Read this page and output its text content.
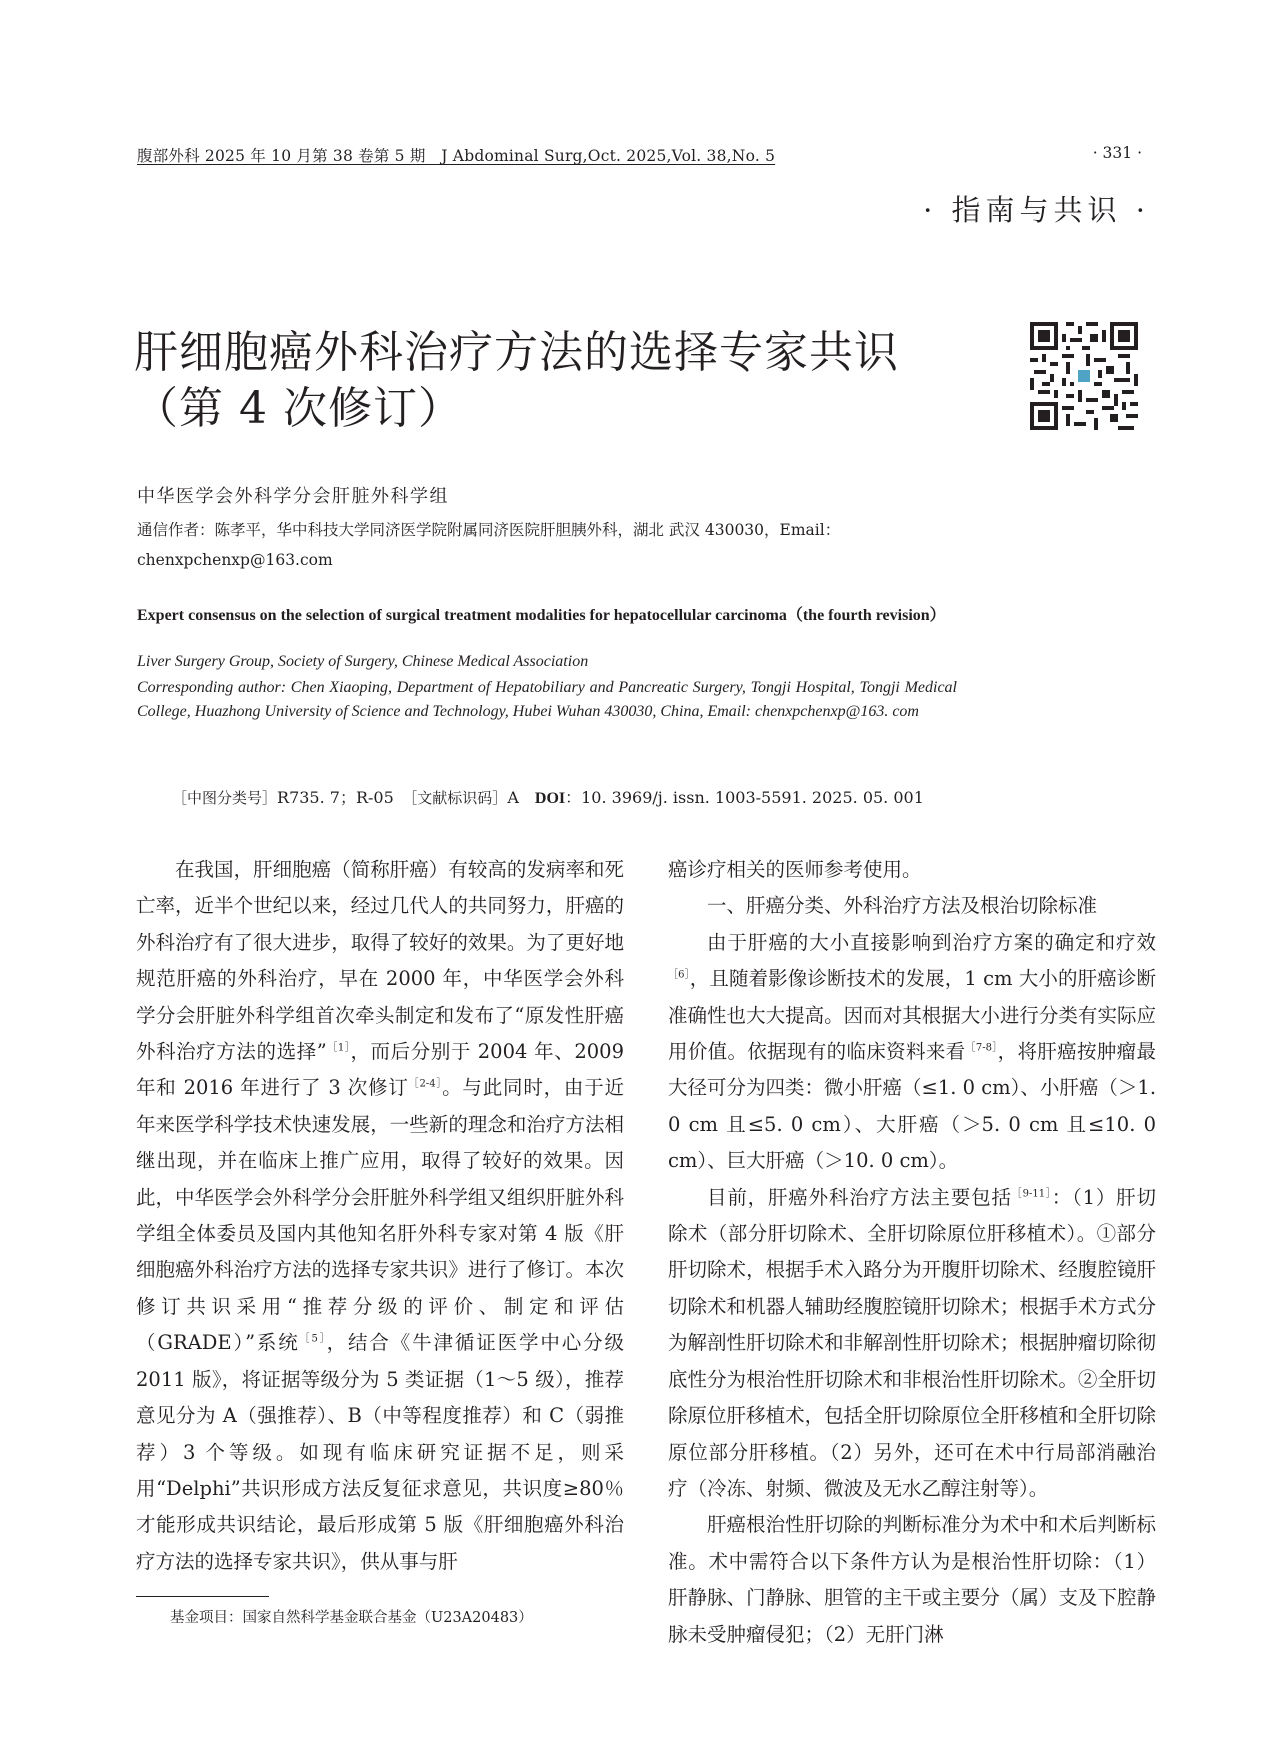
腹部外科 2025 年 10 月第 38 卷第 5 期　J Abdominal Surg,Oct. 2025,Vol. 38,No. 5	· 331 ·
· 指南与共识 ·
肝细胞癌外科治疗方法的选择专家共识
（第 4 次修订）
中华医学会外科学分会肝脏外科学组
通信作者：陈孝平，华中科技大学同济医学院附属同济医院肝胆胰外科，湖北 武汉 430030，Email：chenxpchenxp@163.com
Expert consensus on the selection of surgical treatment modalities for hepatocellular carcinoma（the fourth revision）
Liver Surgery Group, Society of Surgery, Chinese Medical Association
Corresponding author: Chen Xiaoping, Department of Hepatobiliary and Pancreatic Surgery, Tongji Hospital, Tongji Medical College, Huazhong University of Science and Technology, Hubei Wuhan 430030, China, Email: chenxpchenxp@163. com
［中图分类号］R735. 7；R-05　 ［文献标识码］A　 DOI：10. 3969/j. issn. 1003-5591. 2025. 05. 001

在我国，肝细胞癌（简称肝癌）有较高的发病率和死亡率，近半个世纪以来，经过几代人的共同努力，肝癌的外科治疗有了很大进步，取得了较好的效果。为了更好地规范肝癌的外科治疗，早在 2000 年，中华医学会外科学分会肝脏外科学组首次牵头制定和发布了“原发性肝癌外科治疗方法的选择”$^{[1]}$，而后分别于 2004 年、2009 年和 2016 年进行了 3 次修订$^{[2-4]}$。与此同时，由于近年来医学科学技术快速发展，一些新的理念和治疗方法相继出现，并在临床上推广应用，取得了较好的效果。因此，中华医学会外科学分会肝脏外科学组又组织肝脏外科学组全体委员及国内其他知名肝外科专家对第 4 版《肝细胞癌外科治疗方法的选择专家共识》进行了修订。本次修订共识采用“推荐分级的评价、制定和评估（GRADE）”系统$^{[5]}$，结合《牛津循证医学中心分级 2011 版》，将证据等级分为 5 类证据（1～5 级），推荐意见分为 A（强推荐）、B（中等程度推荐）和 C（弱推荐）3 个等级。如现有临床研究证据不足，则采用“Delphi”共识形成方法反复征求意见，共识度≥80％才能形成共识结论，最后形成第 5 版《肝细胞癌外科治疗方法的选择专家共识》，供从事与肝

癌诊疗相关的医师参考使用。

一、肝癌分类、外科治疗方法及根治切除标准

由于肝癌的大小直接影响到治疗方案的确定和疗效$^{[6]}$，且随着影像诊断技术的发展，1 cm 大小的肝癌诊断准确性也大大提高。因而对其根据大小进行分类有实际应用价值。依据现有的临床资料来看$^{[7-8]}$，将肝癌按肿瘤最大径可分为四类：微小肝癌（≤1. 0 cm）、小肝癌（＞1. 0 cm 且≤5. 0 cm）、大肝癌（＞5. 0 cm 且≤10. 0 cm）、巨大肝癌（＞10. 0 cm）。

目前，肝癌外科治疗方法主要包括$^{[9-11]}$：（1）肝切除术（部分肝切除术、全肝切除原位肝移植术）。①部分肝切除术，根据手术入路分为开腹肝切除术、经腹腔镜肝切除术和机器人辅助经腹腔镜肝切除术；根据手术方式分为解剖性肝切除术和非解剖性肝切除术；根据肿瘤切除彻底性分为根治性肝切除术和非根治性肝切除术。②全肝切除原位肝移植术，包括全肝切除原位全肝移植和全肝切除原位部分肝移植。（2）另外，还可在术中行局部消融治疗（冷冻、射频、微波及无水乙醇注射等）。

肝癌根治性肝切除的判断标准分为术中和术后判断标准。术中需符合以下条件方认为是根治性肝切除：（1）肝静脉、门静脉、胆管的主干或主要分（属）支及下腔静脉未受肿瘤侵犯；（2）无肝门淋

基金项目：国家自然科学基金联合基金（U23A20483）
